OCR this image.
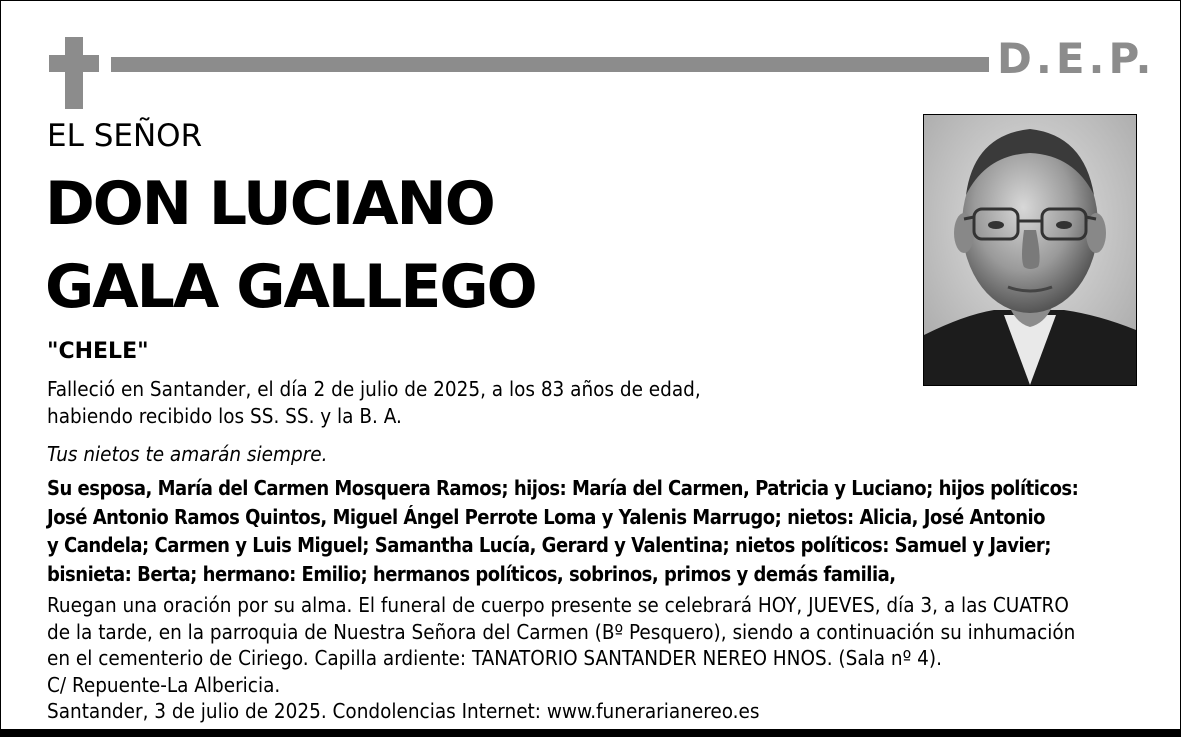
D.E.P.
EL SEÑOR
DON LUCIANO
GALA GALLEGO
"CHELE"
Falleció en Santander, el día 2 de julio de 2025, a los 83 años de edad,
habiendo recibido los SS. SS. y la B. A.
Tus nietos te amarán siempre.
Su esposa, María del Carmen Mosquera Ramos; hijos: María del Carmen, Patricia y Luciano; hijos políticos:
José Antonio Ramos Quintos, Miguel Ángel Perrote Loma y Yalenis Marrugo; nietos: Alicia, José Antonio
y Candela; Carmen y Luis Miguel; Samantha Lucía, Gerard y Valentina; nietos políticos: Samuel y Javier;
bisnieta: Berta; hermano: Emilio; hermanos políticos, sobrinos, primos y demás familia,
Ruegan una oración por su alma. El funeral de cuerpo presente se celebrará HOY, JUEVES, día 3, a las CUATRO
de la tarde, en la parroquia de Nuestra Señora del Carmen (Bº Pesquero), siendo a continuación su inhumación
en el cementerio de Ciriego. Capilla ardiente: TANATORIO SANTANDER NEREO HNOS. (Sala nº 4).
C/ Repuente-La Albericia.
Santander, 3 de julio de 2025. Condolencias Internet: www.funerarianereo.es
